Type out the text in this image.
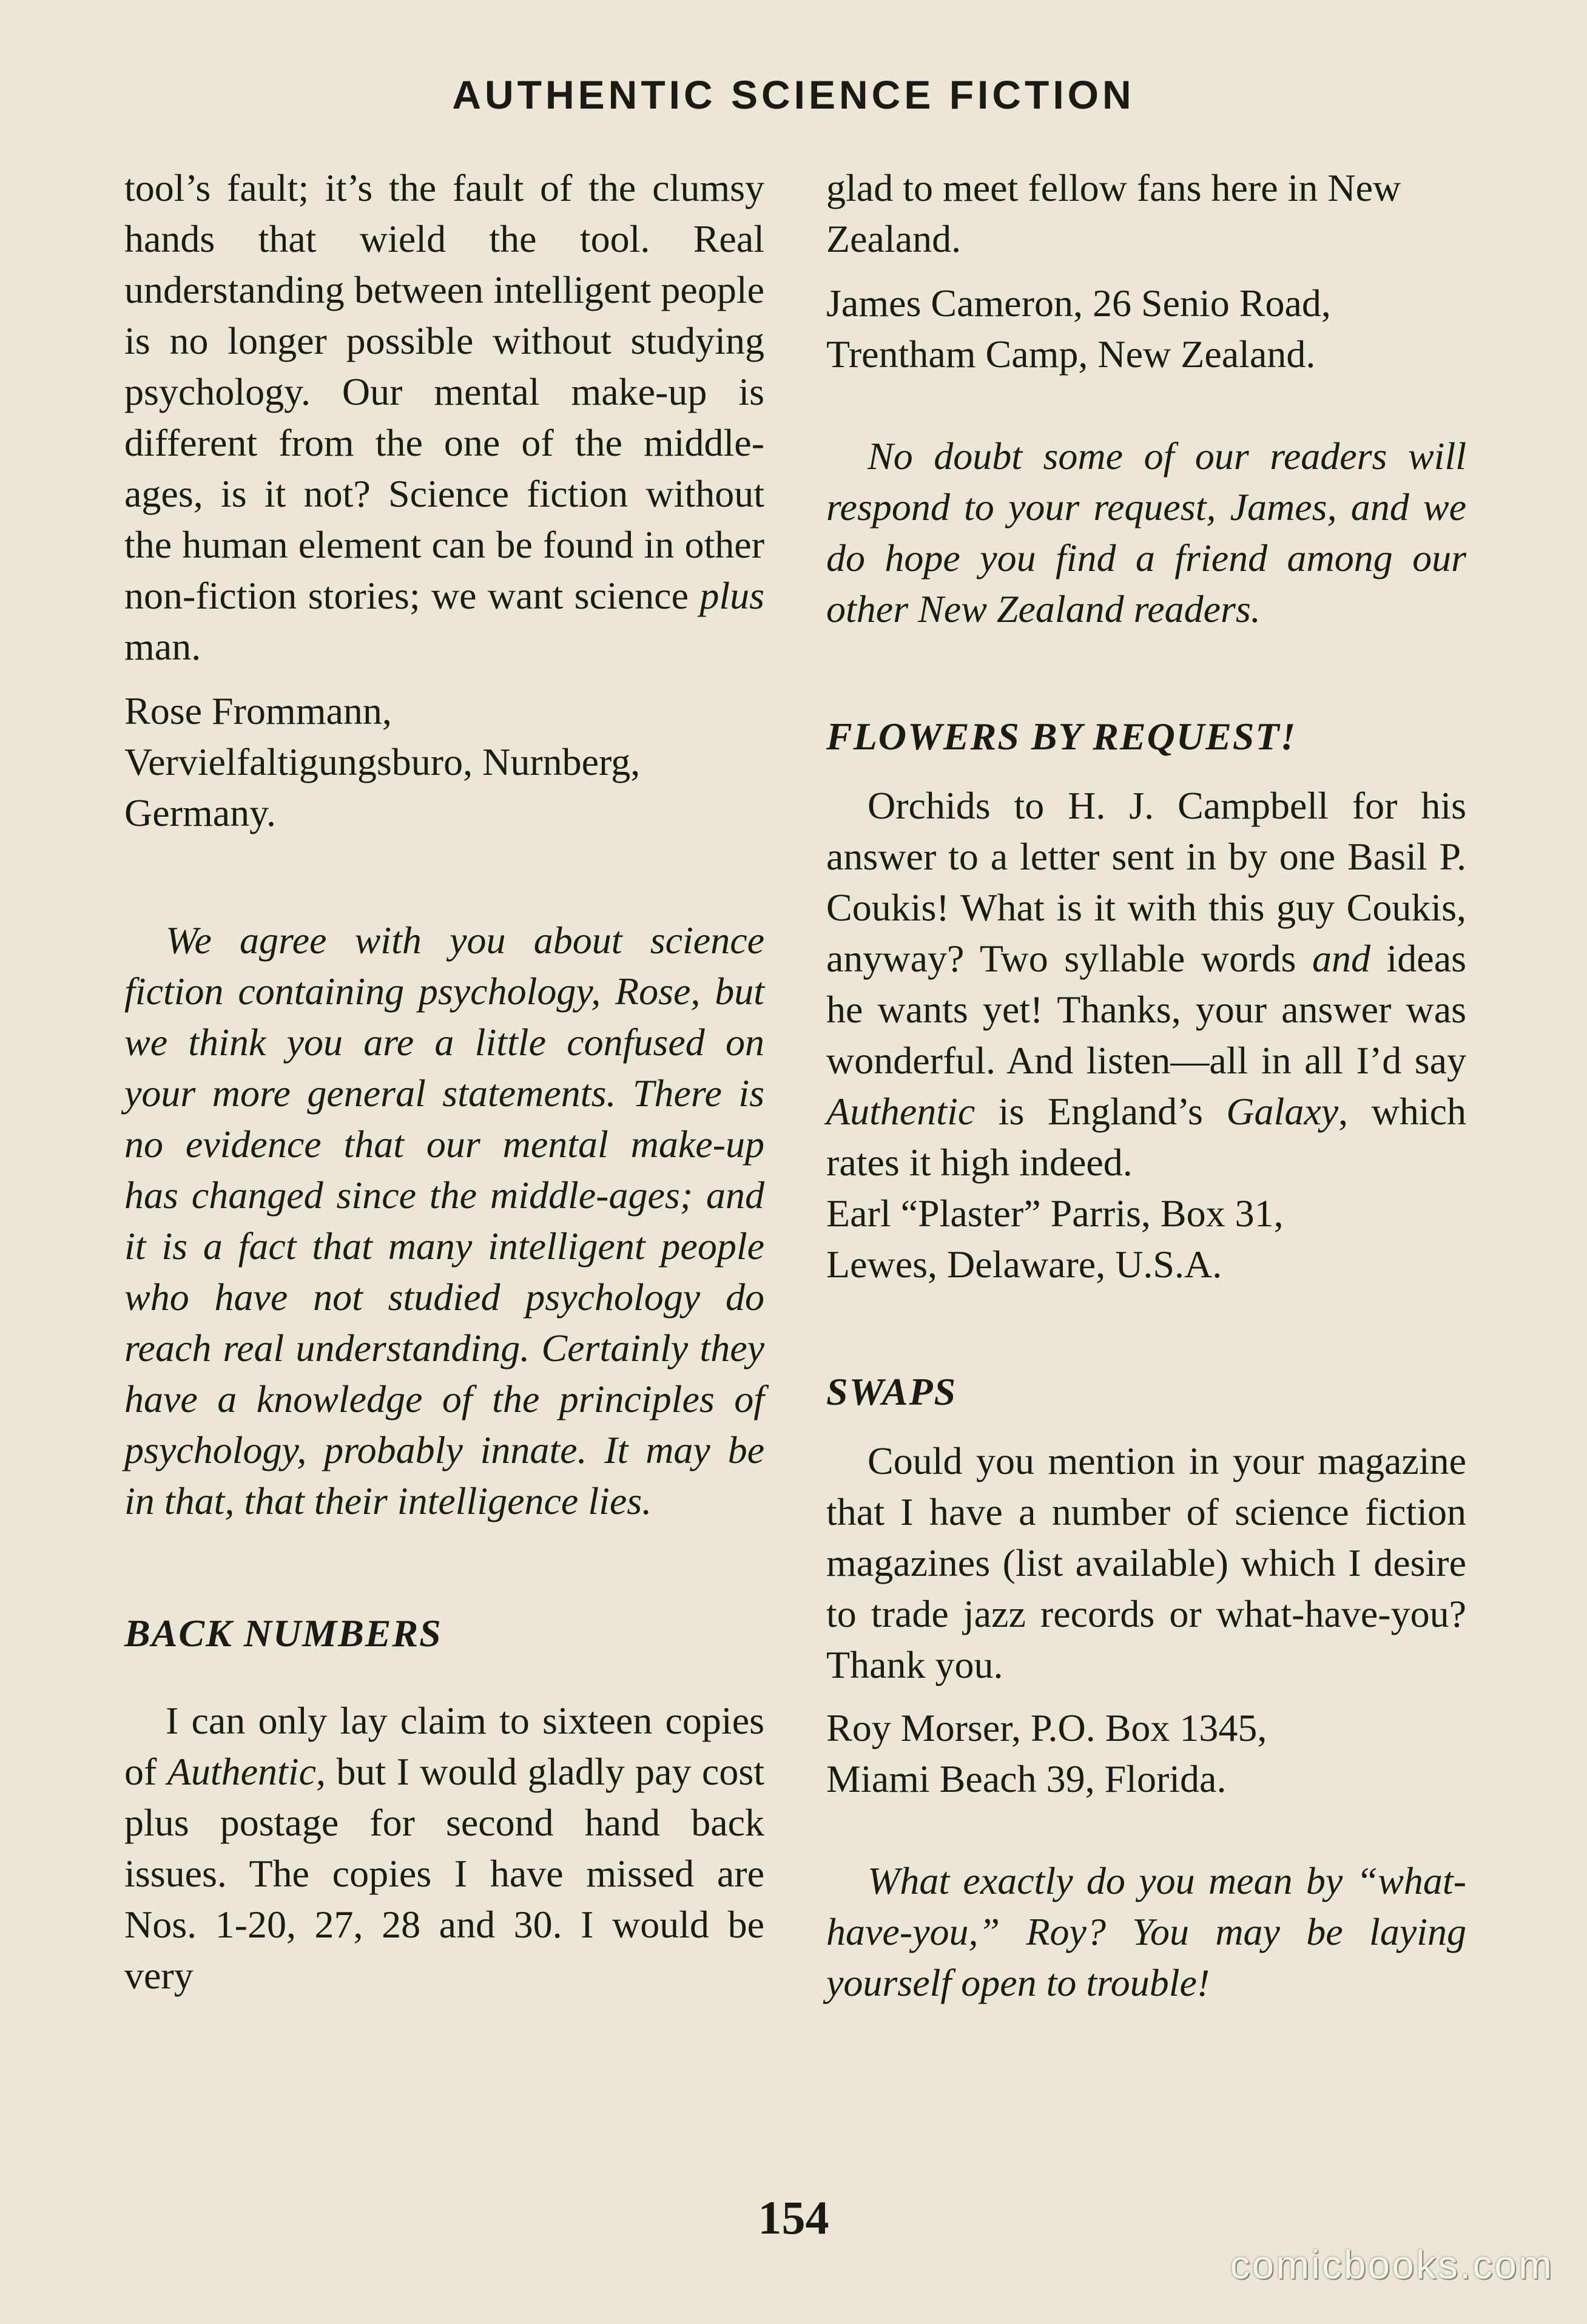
AUTHENTIC SCIENCE FICTION

tool’s fault; it’s the fault of the clumsy hands that wield the tool. Real understanding between intelligent people is no longer possible without studying psychology. Our mental make-up is different from the one of the middle-ages, is it not? Science fiction without the human element can be found in other non-fiction stories; we want science plus man.

Rose Frommann,

Vervielfaltigungsburo, Nurnberg,

Germany.

We agree with you about science fiction containing psychology, Rose, but we think you are a little confused on your more general statements. There is no evidence that our mental make-up has changed since the middle-ages; and it is a fact that many intelligent people who have not studied psychology do reach real understanding. Certainly they have a knowledge of the principles of psychology, probably innate. It may be in that, that their intelligence lies.

BACK NUMBERS

I can only lay claim to sixteen copies of Authentic, but I would gladly pay cost plus postage for second hand back issues. The copies I have missed are Nos. 1-20, 27, 28 and 30. I would be very

glad to meet fellow fans here in New Zealand.

James Cameron, 26 Senio Road,

Trentham Camp, New Zealand.

No doubt some of our readers will respond to your request, James, and we do hope you find a friend among our other New Zealand readers.

FLOWERS BY REQUEST!

Orchids to H. J. Campbell for his answer to a letter sent in by one Basil P. Coukis! What is it with this guy Coukis, anyway? Two syllable words and ideas he wants yet! Thanks, your answer was wonderful. And listen—all in all I’d say Authentic is England’s Galaxy, which rates it high indeed.

Earl “Plaster” Parris, Box 31,

Lewes, Delaware, U.S.A.

SWAPS

Could you mention in your magazine that I have a number of science fiction magazines (list available) which I desire to trade jazz records or what-have-you? Thank you.

Roy Morser, P.O. Box 1345,

Miami Beach 39, Florida.

What exactly do you mean by “what-have-you,” Roy? You may be laying yourself open to trouble!

154
comicbooks.com
